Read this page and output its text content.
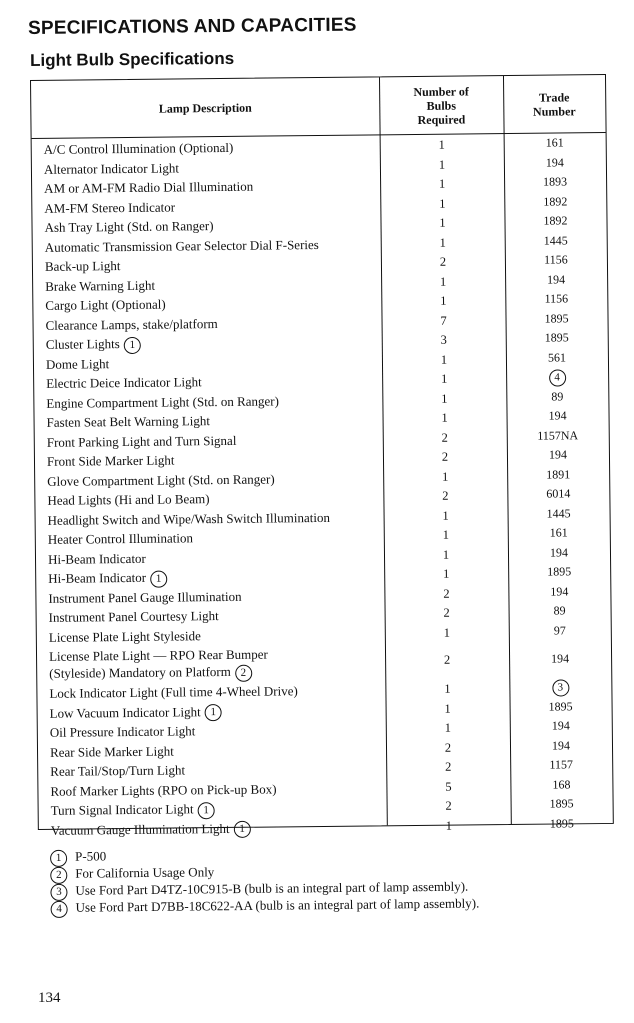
SPECIFICATIONS AND CAPACITIES
Light Bulb Specifications
Lamp Description
Number of Bulbs Required
Trade Number
A/C Control Illumination (Optional)	1	161
Alternator Indicator Light	1	194
AM or AM-FM Radio Dial Illumination	1	1893
AM-FM Stereo Indicator	1	1892
Ash Tray Light (Std. on Ranger)	1	1892
Automatic Transmission Gear Selector Dial F-Series	1	1445
Back-up Light	2	1156
Brake Warning Light	1	194
Cargo Light (Optional)	1	1156
Clearance Lamps, stake/platform	7	1895
Cluster Lights 1	3	1895
Dome Light	1	561
Electric Deice Indicator Light	1	4
Engine Compartment Light (Std. on Ranger)	1	89
Fasten Seat Belt Warning Light	1	194
Front Parking Light and Turn Signal	2	1157NA
Front Side Marker Light	2	194
Glove Compartment Light (Std. on Ranger)	1	1891
Head Lights (Hi and Lo Beam)	2	6014
Headlight Switch and Wipe/Wash Switch Illumination	1	1445
Heater Control Illumination	1	161
Hi-Beam Indicator	1	194
Hi-Beam Indicator 1	1	1895
Instrument Panel Gauge Illumination	2	194
Instrument Panel Courtesy Light	2	89
License Plate Light Styleside	1	97
License Plate Light — RPO Rear Bumper
(Styleside) Mandatory on Platform 2
2	194
Lock Indicator Light (Full time 4-Wheel Drive)	1	3
Low Vacuum Indicator Light 1	1	1895
Oil Pressure Indicator Light	1	194
Rear Side Marker Light	2	194
Rear Tail/Stop/Turn Light	2	1157
Roof Marker Lights (RPO on Pick-up Box)	5	168
Turn Signal Indicator Light 1	2	1895
Vacuum Gauge Illumination Light 1	1	1895
1 P-500
2 For California Usage Only
3 Use Ford Part D4TZ-10C915-B (bulb is an integral part of lamp assembly).
4 Use Ford Part D7BB-18C622-AA (bulb is an integral part of lamp assembly).
134
